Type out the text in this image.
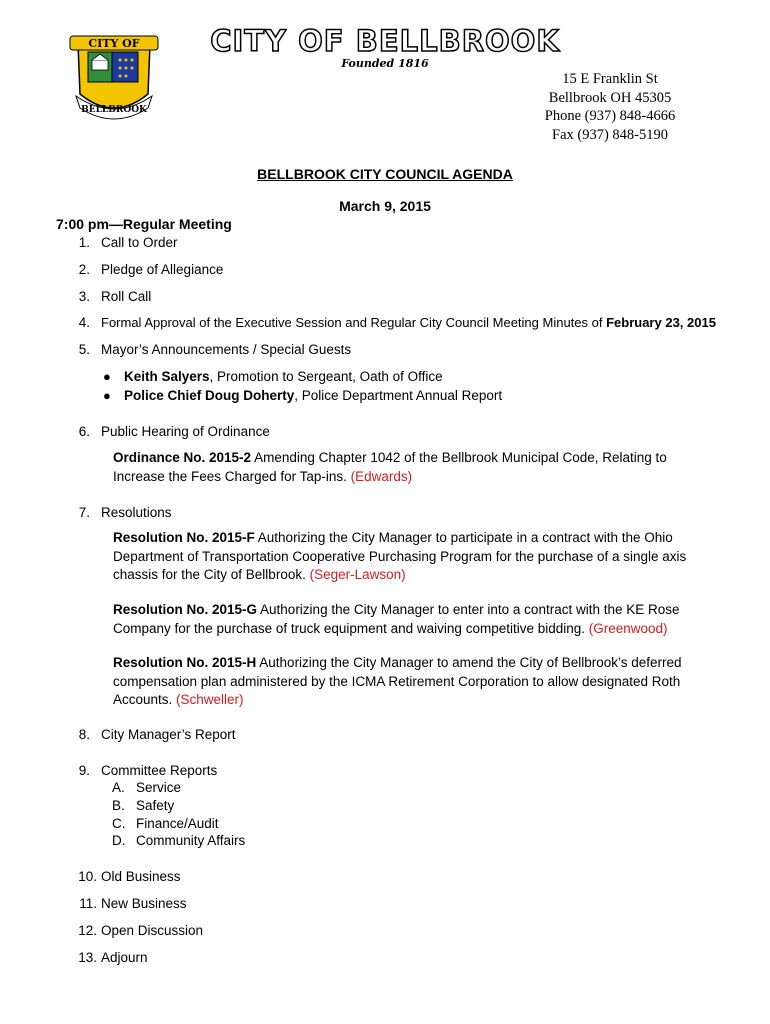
CITY OF
BELLBROOK
CITY OF BELLBROOK
Founded 1816
15 E Franklin St
Bellbrook OH 45305
Phone (937) 848-4666
Fax (937) 848-5190
BELLBROOK CITY COUNCIL AGENDA
March 9, 2015
7:00 pm—Regular Meeting
1. Call to Order
2. Pledge of Allegiance
3. Roll Call
4. Formal Approval of the Executive Session and Regular City Council Meeting Minutes of February 23, 2015
5. Mayor’s Announcements / Special Guests
● Keith Salyers, Promotion to Sergeant, Oath of Office
● Police Chief Doug Doherty, Police Department Annual Report
6. Public Hearing of Ordinance
Ordinance No. 2015-2 Amending Chapter 1042 of the Bellbrook Municipal Code, Relating to Increase the Fees Charged for Tap-ins. (Edwards)
7. Resolutions
Resolution No. 2015-F Authorizing the City Manager to participate in a contract with the Ohio Department of Transportation Cooperative Purchasing Program for the purchase of a single axis chassis for the City of Bellbrook. (Seger-Lawson)
Resolution No. 2015-G Authorizing the City Manager to enter into a contract with the KE Rose Company for the purchase of truck equipment and waiving competitive bidding. (Greenwood)
Resolution No. 2015-H Authorizing the City Manager to amend the City of Bellbrook’s deferred compensation plan administered by the ICMA Retirement Corporation to allow designated Roth Accounts. (Schweller)
8. City Manager’s Report
9. Committee Reports
A. Service
B. Safety
C. Finance/Audit
D. Community Affairs
10. Old Business
11. New Business
12. Open Discussion
13. Adjourn
